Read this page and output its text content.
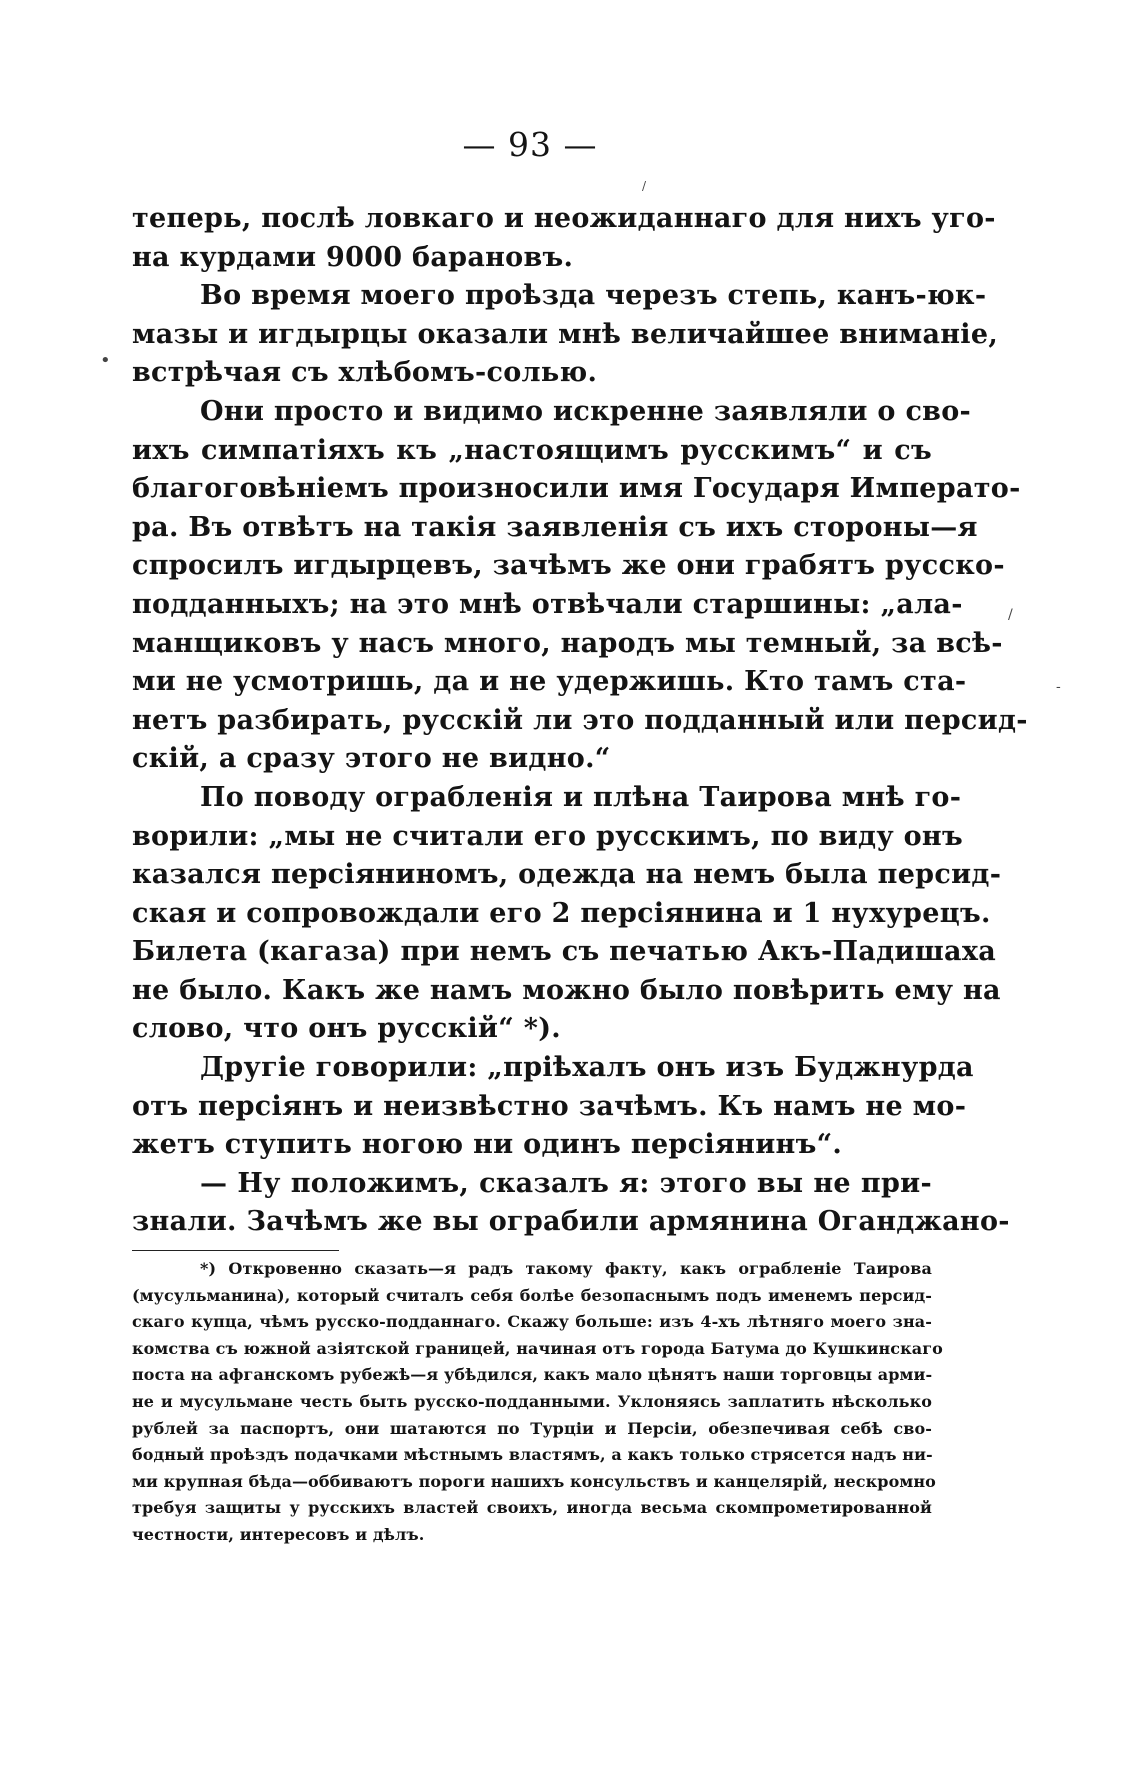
— 93 —
теперь, послѣ ловкаго и неожиданнаго для нихъ уго-
на курдами 9000 барановъ.
Во время моего проѣзда черезъ степь, канъ-юк-
мазы и игдырцы оказали мнѣ величайшее вниманіе,
встрѣчая съ хлѣбомъ-солью.
Они просто и видимо искренне заявляли о сво-
ихъ симпатіяхъ къ „настоящимъ русскимъ“ и съ
благоговѣніемъ произносили имя Государя Императо-
ра. Въ отвѣтъ на такія заявленія съ ихъ стороны—я
спросилъ игдырцевъ, зачѣмъ же они грабятъ русско-
подданныхъ; на это мнѣ отвѣчали старшины: „ала-
манщиковъ у насъ много, народъ мы темный, за всѣ-
ми не усмотришь, да и не удержишь. Кто тамъ ста-
нетъ разбирать, русскій ли это подданный или персид-
скій, а сразу этого не видно.“
По поводу ограбленія и плѣна Таирова мнѣ го-
ворили: „мы не считали его русскимъ, по виду онъ
казался персіяниномъ, одежда на немъ была персид-
ская и сопровождали его 2 персіянина и 1 нухурецъ.
Билета (кагаза) при немъ съ печатью Акъ-Падишаха
не было. Какъ же намъ можно было повѣрить ему на
слово, что онъ русскій“ *).
Другіе говорили: „пріѣхалъ онъ изъ Буджнурда
отъ персіянъ и неизвѣстно зачѣмъ. Къ намъ не мо-
жетъ ступить ногою ни одинъ персіянинъ“.
— Ну положимъ, сказалъ я: этого вы не при-
знали. Зачѣмъ же вы ограбили армянина Оганджано-
*) Откровенно сказать—я радъ такому факту, какъ ограбленіе Таирова
(мусульманина), который считалъ себя болѣе безопаснымъ подъ именемъ персид-
скаго купца, чѣмъ русско-подданнаго. Скажу больше: изъ 4-хъ лѣтняго моего зна-
комства съ южной азіятской границей, начиная отъ города Батума до Кушкинскаго
поста на афганскомъ рубежѣ—я убѣдился, какъ мало цѣнятъ наши торговцы арми-
не и мусульмане честь быть русско-подданными. Уклоняясь заплатить нѣсколько
рублей за паспортъ, они шатаются по Турціи и Персіи, обезпечивая себѣ сво-
бодный проѣздъ подачками мѣстнымъ властямъ, а какъ только стрясется надъ ни-
ми крупная бѣда—оббиваютъ пороги нашихъ консульствъ и канцелярій, нескромно
требуя защиты у русскихъ властей своихъ, иногда весьма скомпрометированной
честности, интересовъ и дѣлъ.
•
/
/
-
